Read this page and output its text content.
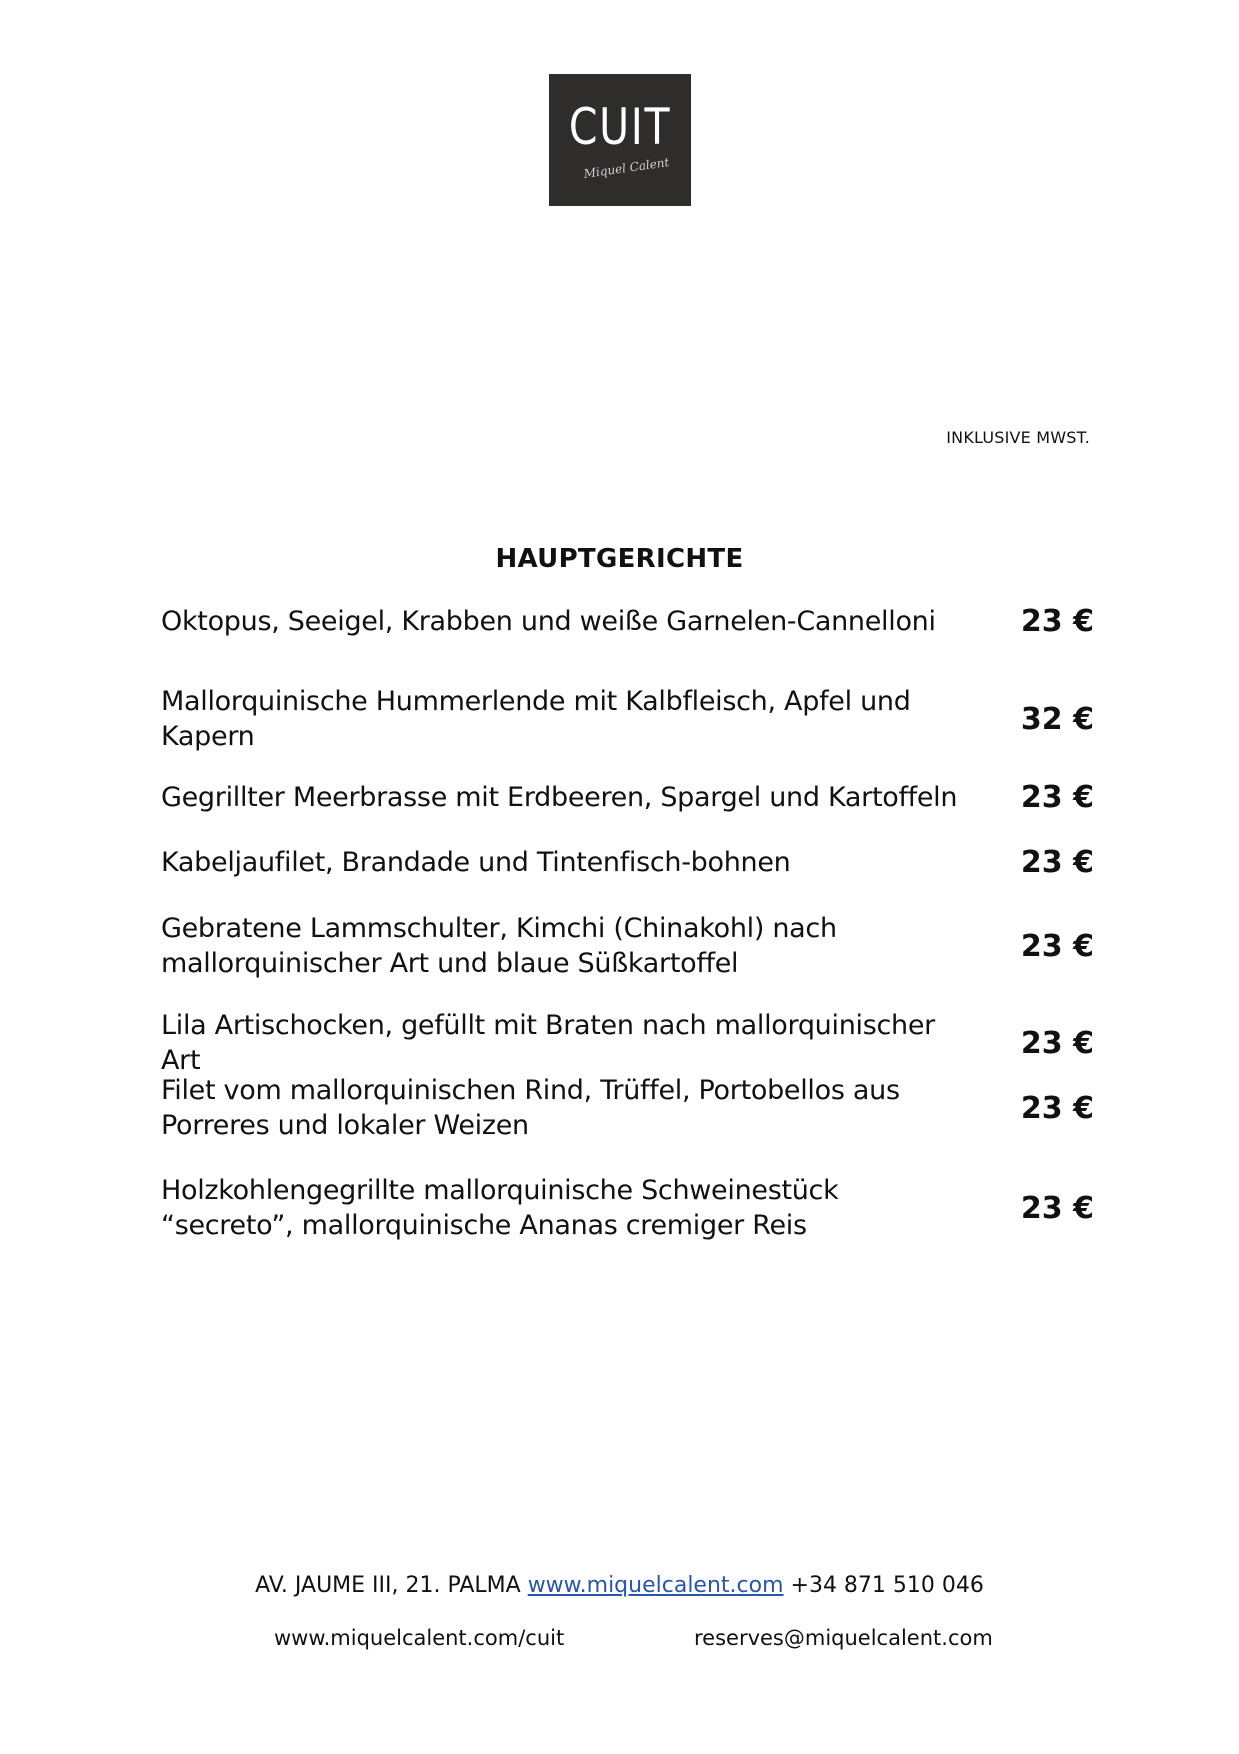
CUIT
Miquel Calent
INKLUSIVE MWST.
HAUPTGERICHTE
Oktopus, Seeigel, Krabben und weiße Garnelen-Cannelloni	23 €
Mallorquinische Hummerlende mit Kalbfleisch, Apfel und Kapern	32 €
Gegrillter Meerbrasse mit Erdbeeren, Spargel und Kartoffeln 23 €
Kabeljaufilet, Brandade und Tintenfisch-bohnen	23 €
Gebratene Lammschulter, Kimchi (Chinakohl) nach mallorquinischer Art und blaue Süßkartoffel	23 €
Lila Artischocken, gefüllt mit Braten nach mallorquinischer Art	23 €
Filet vom mallorquinischen Rind, Trüffel, Portobellos aus Porreres und lokaler Weizen	23 €
Holzkohlengegrillte mallorquinische Schweinestück “secreto”, mallorquinische Ananas cremiger Reis	23 €
AV. JAUME III, 21. PALMA www.miquelcalent.com +34 871 510 046
www.miquelcalent.com/cuit	reserves@miquelcalent.com
